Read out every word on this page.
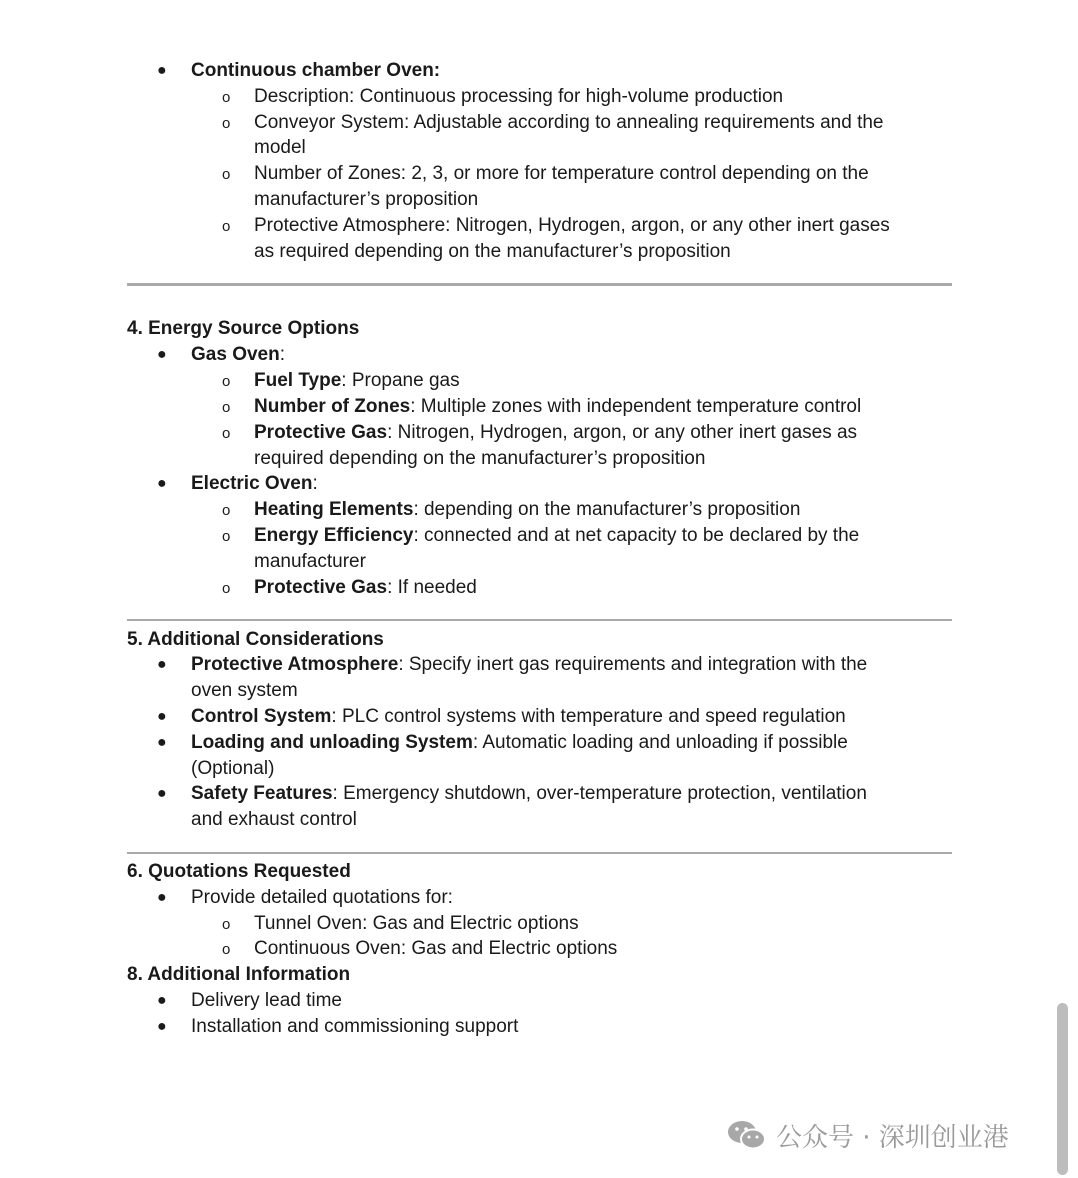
● Continuous chamber Oven:
o Description: Continuous processing for high-volume production
o Conveyor System: Adjustable according to annealing requirements and the
model
o Number of Zones: 2, 3, or more for temperature control depending on the
manufacturer’s proposition
o Protective Atmosphere: Nitrogen, Hydrogen, argon, or any other inert gases
as required depending on the manufacturer’s proposition
4. Energy Source Options
● Gas Oven:
o Fuel Type: Propane gas
o Number of Zones: Multiple zones with independent temperature control
o Protective Gas: Nitrogen, Hydrogen, argon, or any other inert gases as
required depending on the manufacturer’s proposition
● Electric Oven:
o Heating Elements: depending on the manufacturer’s proposition
o Energy Efficiency: connected and at net capacity to be declared by the
manufacturer
o Protective Gas: If needed
5. Additional Considerations
● Protective Atmosphere: Specify inert gas requirements and integration with the
oven system
● Control System: PLC control systems with temperature and speed regulation
● Loading and unloading System: Automatic loading and unloading if possible
(Optional)
● Safety Features: Emergency shutdown, over-temperature protection, ventilation
and exhaust control
6. Quotations Requested
● Provide detailed quotations for:
o Tunnel Oven: Gas and Electric options
o Continuous Oven: Gas and Electric options
8. Additional Information
● Delivery lead time
● Installation and commissioning support
公众号 · 深圳创业港
